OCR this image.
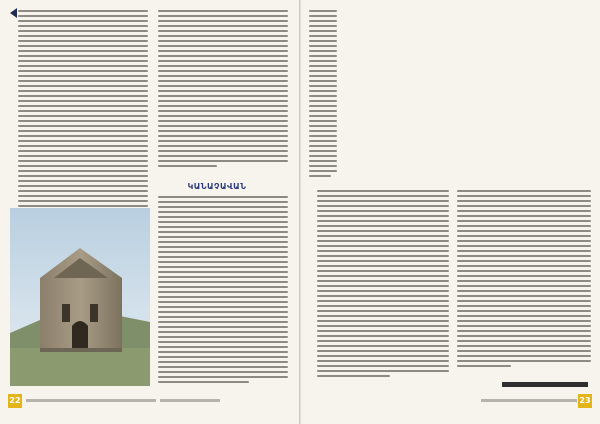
ԿԱՆԱՉԱՎԱՆ
22	23
